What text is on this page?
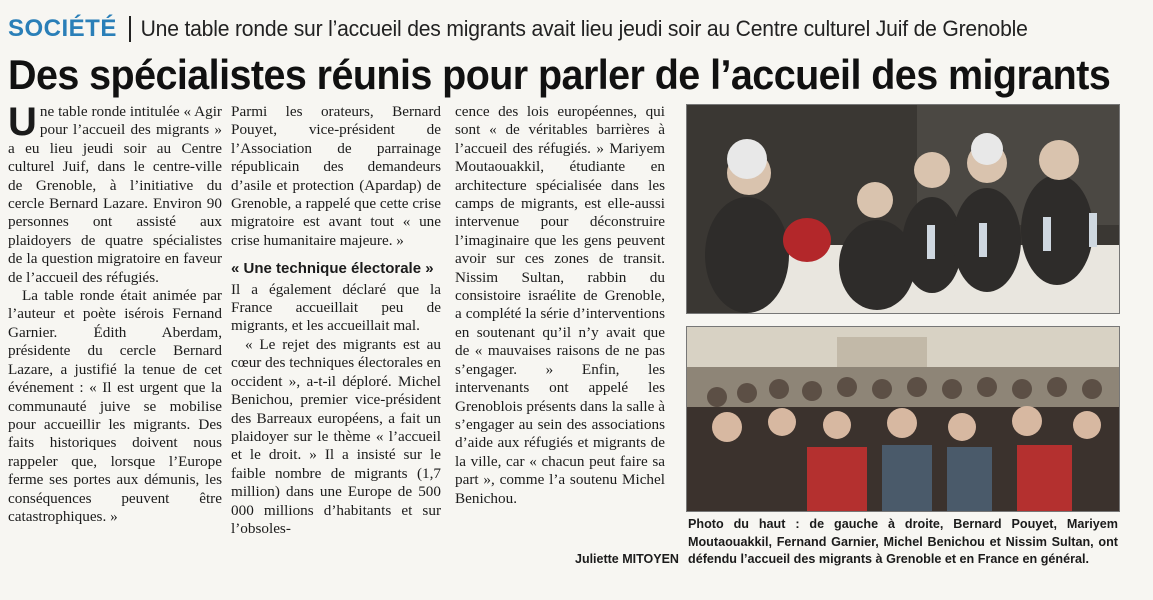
SOCIÉTÉ	Une table ronde sur l’accueil des migrants avait lieu jeudi soir au Centre culturel Juif de Grenoble
Des spécialistes réunis pour parler de l’accueil des migrants

Une table ronde intitulée « Agir pour l’accueil des migrants » a eu lieu jeudi soir au Centre culturel Juif, dans le centre-ville de Grenoble, à l’initiative du cercle Bernard Lazare. Environ 90 personnes ont assisté aux plaidoyers de quatre spécialistes de la question migratoire en faveur de l’accueil des réfugiés.

La table ronde était animée par l’auteur et poète isérois Fernand Garnier. Édith Aberdam, présidente du cercle Bernard Lazare, a justifié la tenue de cet événement : « Il est urgent que la communauté juive se mobilise pour accueillir les migrants. Des faits historiques doivent nous rappeler que, lorsque l’Europe ferme ses portes aux démunis, les conséquences peuvent être catastrophiques. »

Parmi les orateurs, Bernard Pouyet, vice-président de l’Association de parrainage républicain des demandeurs d’asile et protection (Apardap) de Grenoble, a rappelé que cette crise migratoire est avant tout « une crise humanitaire majeure. »

« Une technique électorale »

Il a également déclaré que la France accueillait peu de migrants, et les accueillait mal.

« Le rejet des migrants est au cœur des techniques électorales en occident », a-t-il déploré. Michel Benichou, premier vice-président des Barreaux européens, a fait un plaidoyer sur le thème « l’accueil et le droit. » Il a insisté sur le faible nombre de migrants (1,7 million) dans une Europe de 500 000 millions d’habitants et sur l’obsoles-

cence des lois européennes, qui sont « de véritables barrières à l’accueil des réfugiés. » Mariyem Moutaouakkil, étudiante en architecture spécialisée dans les camps de migrants, est elle-aussi intervenue pour déconstruire l’imaginaire que les gens peuvent avoir sur ces zones de transit. Nissim Sultan, rabbin du consistoire israélite de Grenoble, a complété la série d’interventions en soutenant qu’il n’y avait que de « mauvaises raisons de ne pas s’engager. » Enfin, les intervenants ont appelé les Grenoblois présents dans la salle à s’engager au sein des associations d’aide aux réfugiés et migrants de la ville, car « chacun peut faire sa part », comme l’a soutenu Michel Benichou.

Juliette MITOYEN
Photo du haut : de gauche à droite, Bernard Pouyet, Mariyem Moutaouakkil, Fernand Garnier, Michel Benichou et Nissim Sultan, ont défendu l’accueil des migrants à Grenoble et en France en général.
